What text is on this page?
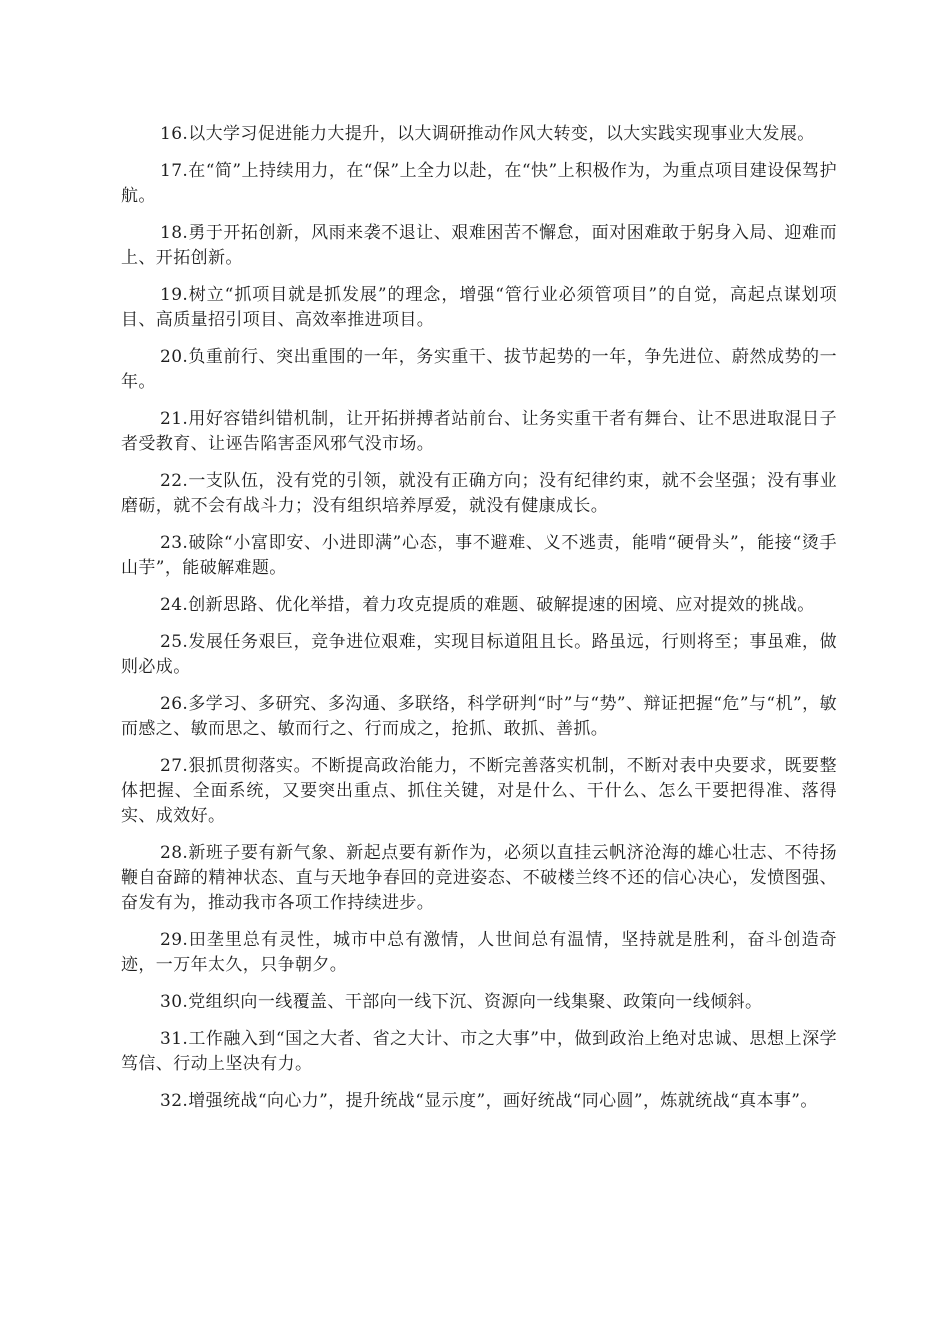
16.以大学习促进能力大提升，以大调研推动作风大转变，以大实践实现事业大发展。

17.在“简”上持续用力，在“保”上全力以赴，在“快”上积极作为，为重点项目建设保驾护航。

18.勇于开拓创新，风雨来袭不退让、艰难困苦不懈怠，面对困难敢于躬身入局、迎难而上、开拓创新。

19.树立“抓项目就是抓发展”的理念，增强“管行业必须管项目”的自觉，高起点谋划项目、高质量招引项目、高效率推进项目。

20.负重前行、突出重围的一年，务实重干、拔节起势的一年，争先进位、蔚然成势的一年。

21.用好容错纠错机制，让开拓拼搏者站前台、让务实重干者有舞台、让不思进取混日子者受教育、让诬告陷害歪风邪气没市场。

22.一支队伍，没有党的引领，就没有正确方向；没有纪律约束，就不会坚强；没有事业磨砺，就不会有战斗力；没有组织培养厚爱，就没有健康成长。

23.破除“小富即安、小进即满”心态，事不避难、义不逃责，能啃“硬骨头”，能接“烫手山芋”，能破解难题。

24.创新思路、优化举措，着力攻克提质的难题、破解提速的困境、应对提效的挑战。

25.发展任务艰巨，竞争进位艰难，实现目标道阻且长。路虽远，行则将至；事虽难，做则必成。

26.多学习、多研究、多沟通、多联络，科学研判“时”与“势”、辩证把握“危”与“机”，敏而感之、敏而思之、敏而行之、行而成之，抢抓、敢抓、善抓。

27.狠抓贯彻落实。不断提高政治能力，不断完善落实机制，不断对表中央要求，既要整体把握、全面系统，又要突出重点、抓住关键，对是什么、干什么、怎么干要把得准、落得实、成效好。

28.新班子要有新气象、新起点要有新作为，必须以直挂云帆济沧海的雄心壮志、不待扬鞭自奋蹄的精神状态、直与天地争春回的竞进姿态、不破楼兰终不还的信心决心，发愤图强、奋发有为，推动我市各项工作持续进步。

29.田垄里总有灵性，城市中总有激情，人世间总有温情，坚持就是胜利，奋斗创造奇迹，一万年太久，只争朝夕。

30.党组织向一线覆盖、干部向一线下沉、资源向一线集聚、政策向一线倾斜。

31.工作融入到“国之大者、省之大计、市之大事”中，做到政治上绝对忠诚、思想上深学笃信、行动上坚决有力。

32.增强统战“向心力”，提升统战“显示度”，画好统战“同心圆”，炼就统战“真本事”。
